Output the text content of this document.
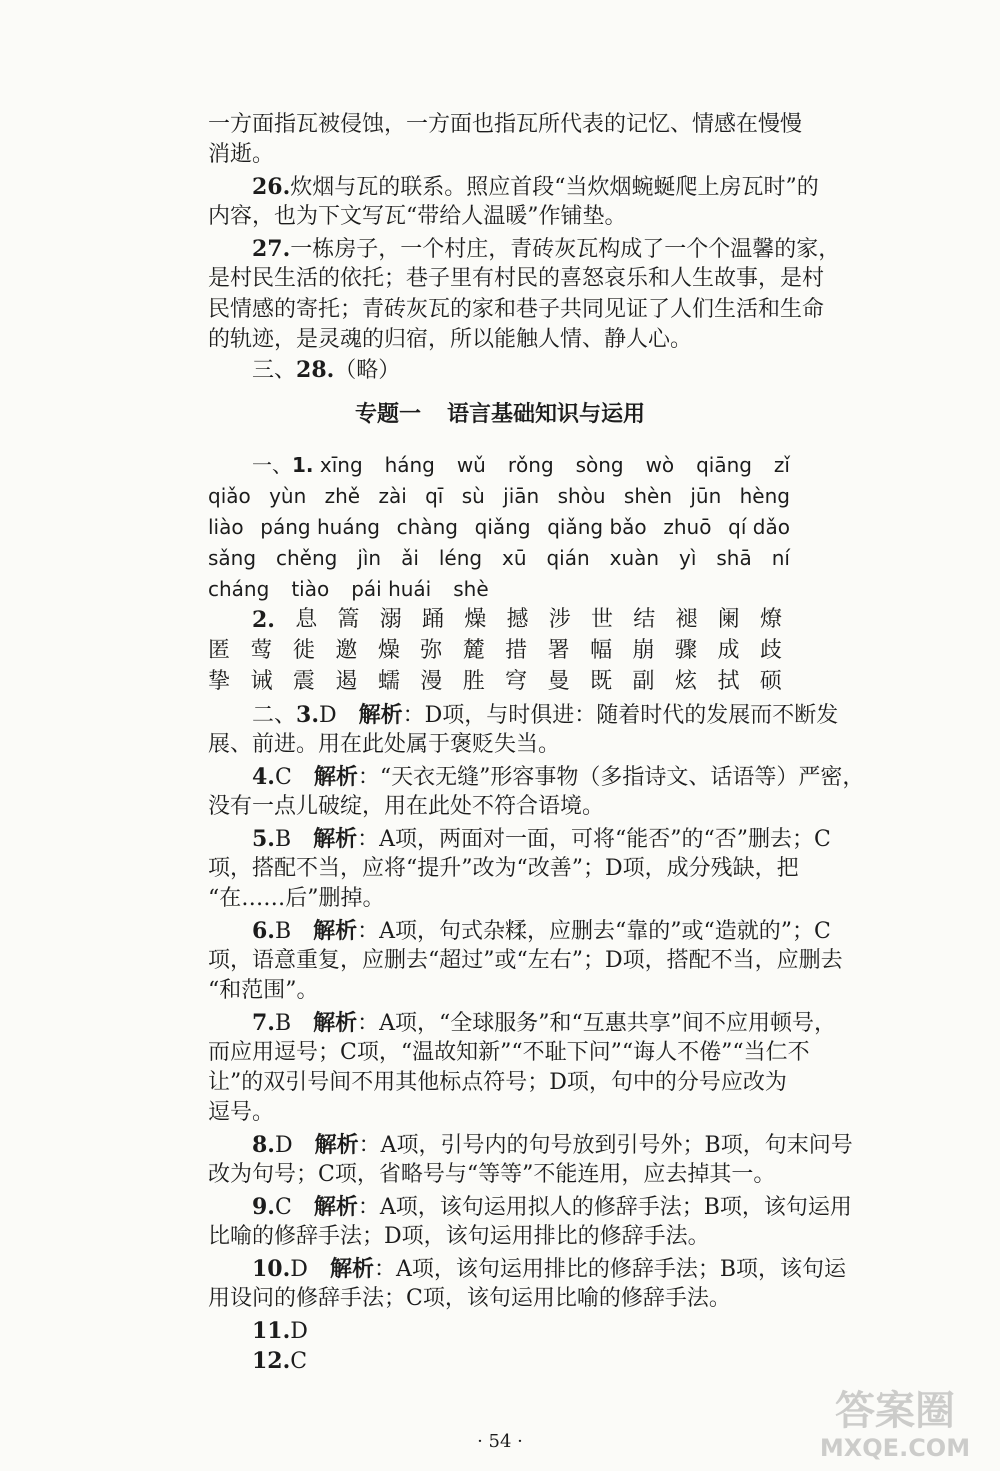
一方面指瓦被侵蚀，一方面也指瓦所代表的记忆、情感在慢慢
消逝。
26.炊烟与瓦的联系。照应首段“当炊烟蜿蜒爬上房瓦时”的
内容，也为下文写瓦“带给人温暖”作铺垫。
27.一栋房子，一个村庄，青砖灰瓦构成了一个个温馨的家，
是村民生活的依托；巷子里有村民的喜怒哀乐和人生故事，是村
民情感的寄托；青砖灰瓦的家和巷子共同见证了人们生活和生命
的轨迹，是灵魂的归宿，所以能触人情、静人心。
三、28.（略）
专题一 语言基础知识与运用
一、1. xīng háng wǔ rǒng sòng wò qiāng zǐ
qiǎo yùn zhě zài qī sù jiān shòu shèn jūn hèng
liào páng huáng chàng qiǎng qiǎng bǎo zhuō qí dǎo
sǎng chěng jìn ǎi léng xū qián xuàn yì shā ní
cháng tiào pái huái shè
2. 息 篙 溺 踊 燥 撼 涉 世 结 褪 阑 燎
匿 莺 徙 邀 燥 弥 麓 措 署 幅 崩 骤 成 歧
挚 诫 震 遏 蠕 漫 胜 穹 曼 既 副 炫 拭 硕
二、3.D　 解析：D项，与时俱进：随着时代的发展而不断发
展、前进。用在此处属于褒贬失当。
4.C　 解析：“天衣无缝”形容事物（多指诗文、话语等）严密，
没有一点儿破绽，用在此处不符合语境。
5.B　 解析：A项，两面对一面，可将“能否”的“否”删去；C
项，搭配不当，应将“提升”改为“改善”；D项，成分残缺，把
“在……后”删掉。
6.B　 解析：A项，句式杂糅，应删去“靠的”或“造就的”；C
项，语意重复，应删去“超过”或“左右”；D项，搭配不当，应删去
“和范围”。
7.B　 解析：A项，“全球服务”和“互惠共享”间不应用顿号，
而应用逗号；C项，“温故知新”“不耻下问”“诲人不倦”“当仁不
让”的双引号间不用其他标点符号；D项，句中的分号应改为
逗号。
8.D　 解析：A项，引号内的句号放到引号外；B项，句末问号
改为句号；C项，省略号与“等等”不能连用，应去掉其一。
9.C　 解析：A项，该句运用拟人的修辞手法；B项，该句运用
比喻的修辞手法；D项，该句运用排比的修辞手法。
10.D　 解析：A项，该句运用排比的修辞手法；B项，该句运
用设问的修辞手法；C项，该句运用比喻的修辞手法。
11.D
12.C
· 54 ·
答案圈
MXQE.COM
